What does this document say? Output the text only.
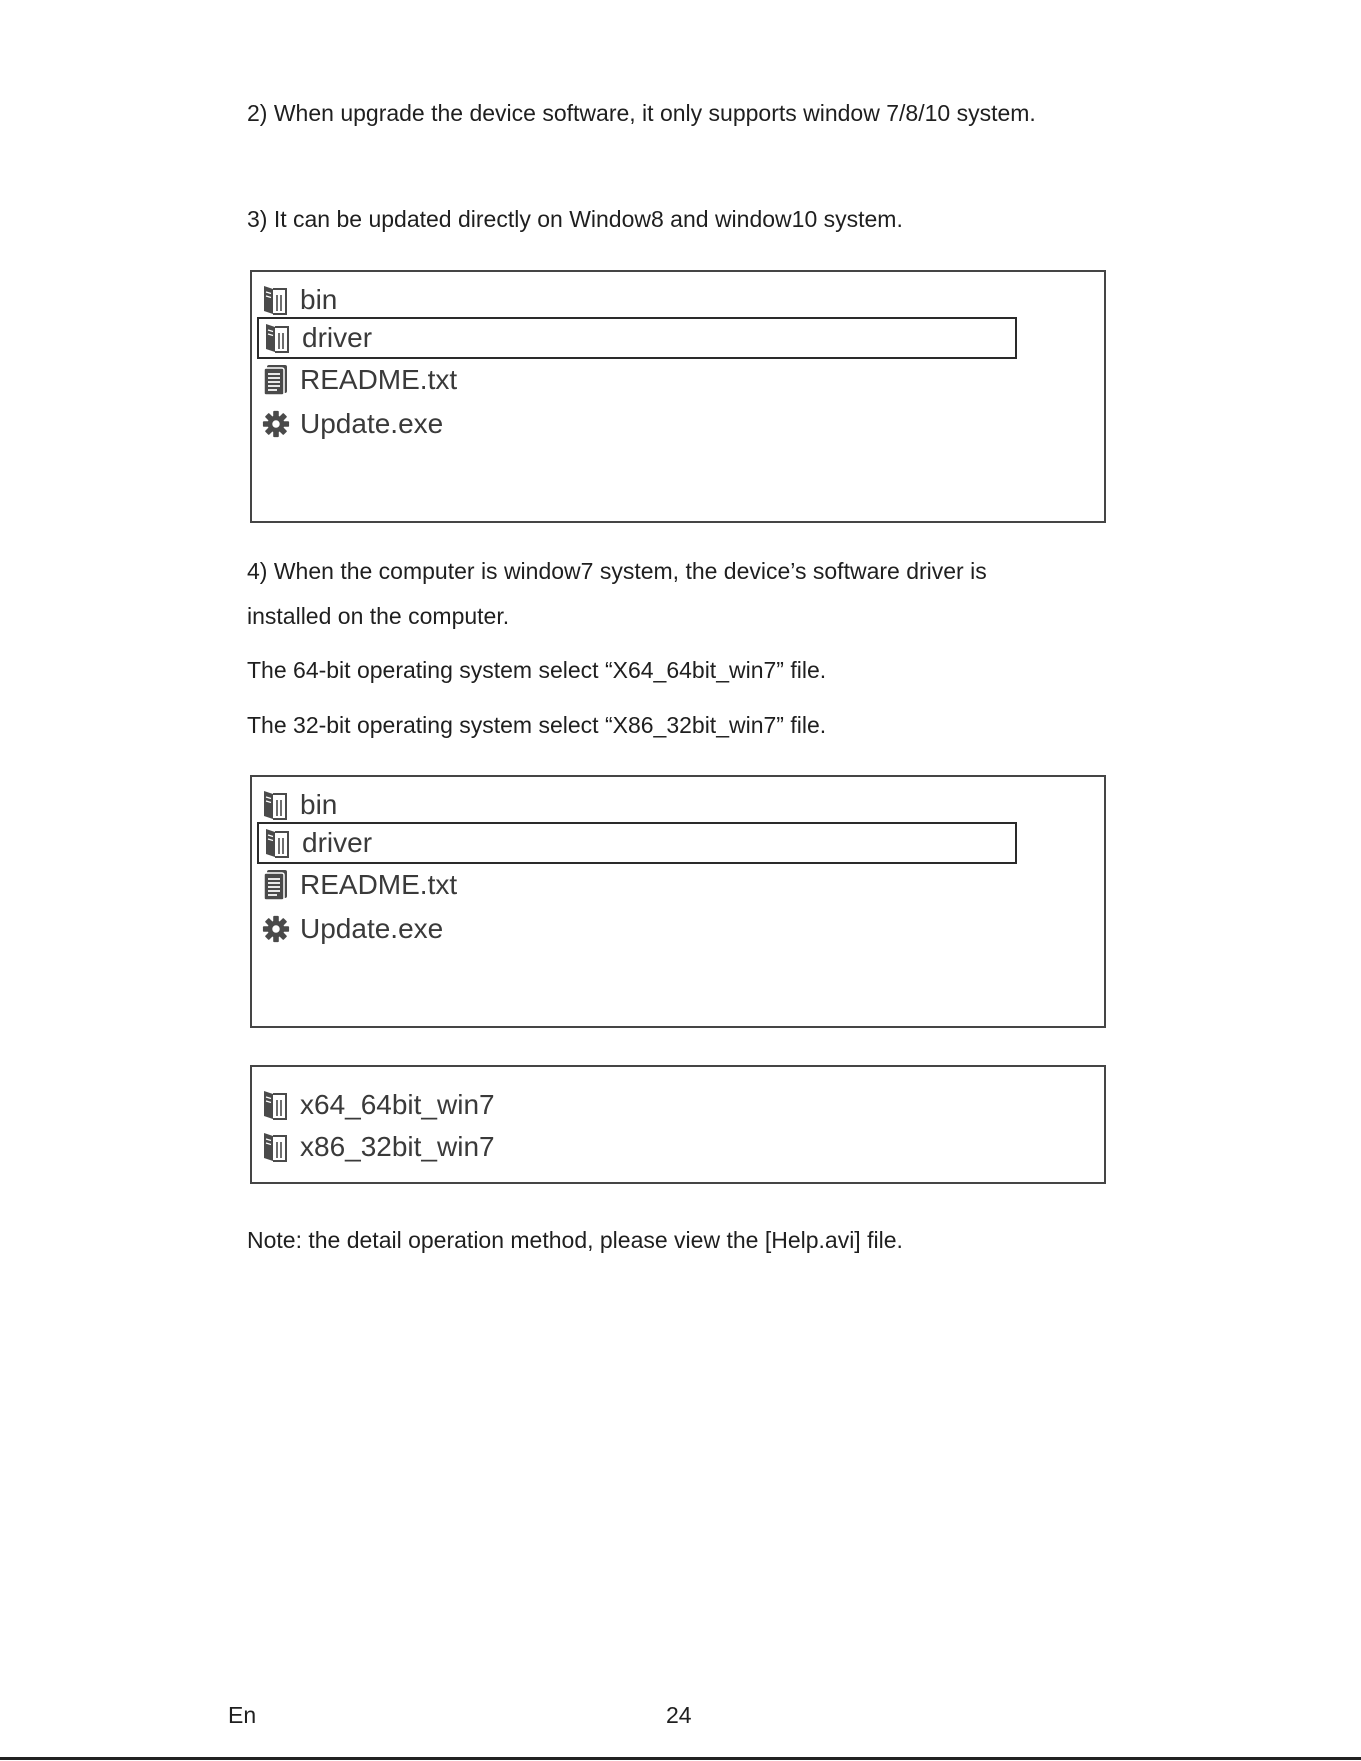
2) When upgrade the device software, it only supports window 7/8/10 system.
3) It can be updated directly on Window8 and window10 system.
bin
driver
README.txt
Update.exe
4) When the computer is window7 system, the device’s software driver is
installed on the computer.
The 64-bit operating system select “X64_64bit_win7” file.
The 32-bit operating system select “X86_32bit_win7” file.
bin
driver
README.txt
Update.exe
x64_64bit_win7
x86_32bit_win7
Note: the detail operation method, please view the [Help.avi] file.
En	24
